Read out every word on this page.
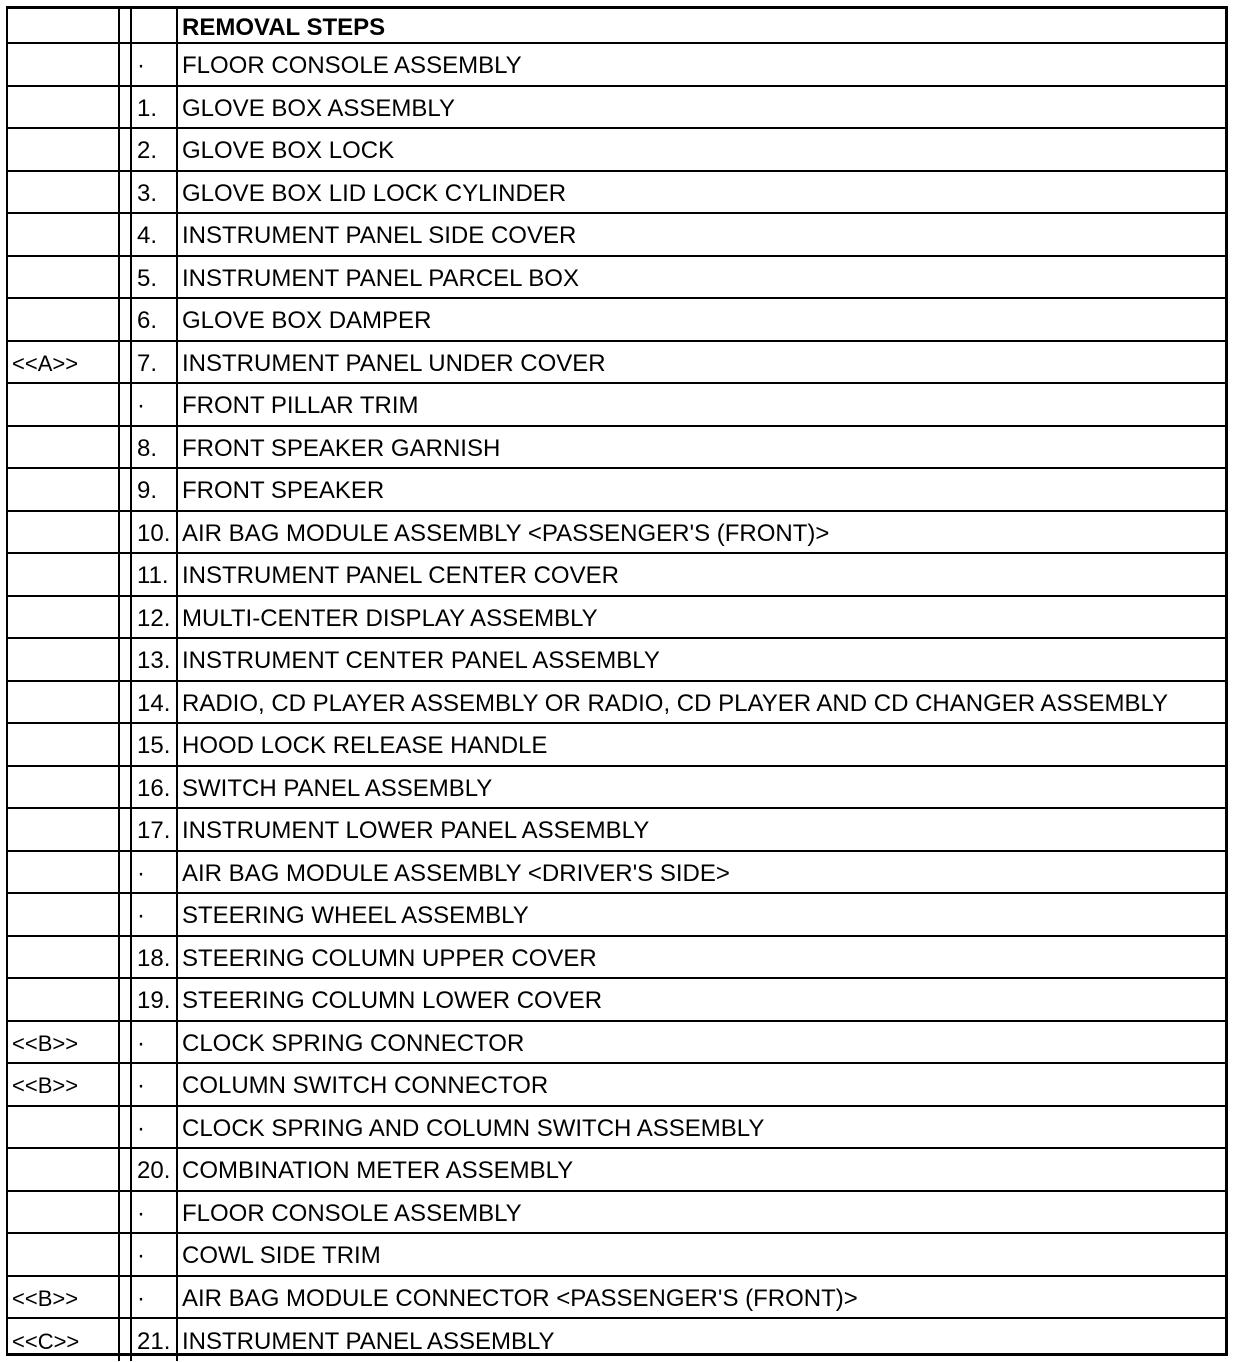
			REMOVAL STEPS
		·	FLOOR CONSOLE ASSEMBLY
		1.	GLOVE BOX ASSEMBLY
		2.	GLOVE BOX LOCK
		3.	GLOVE BOX LID LOCK CYLINDER
		4.	INSTRUMENT PANEL SIDE COVER
		5.	INSTRUMENT PANEL PARCEL BOX
		6.	GLOVE BOX DAMPER
<<A>>		7.	INSTRUMENT PANEL UNDER COVER
		·	FRONT PILLAR TRIM
		8.	FRONT SPEAKER GARNISH
		9.	FRONT SPEAKER
		10.	AIR BAG MODULE ASSEMBLY <PASSENGER'S (FRONT)>
		11.	INSTRUMENT PANEL CENTER COVER
		12.	MULTI-CENTER DISPLAY ASSEMBLY
		13.	INSTRUMENT CENTER PANEL ASSEMBLY
		14.	RADIO, CD PLAYER ASSEMBLY OR RADIO, CD PLAYER AND CD CHANGER ASSEMBLY
		15.	HOOD LOCK RELEASE HANDLE
		16.	SWITCH PANEL ASSEMBLY
		17.	INSTRUMENT LOWER PANEL ASSEMBLY
		·	AIR BAG MODULE ASSEMBLY <DRIVER'S SIDE>
		·	STEERING WHEEL ASSEMBLY
		18.	STEERING COLUMN UPPER COVER
		19.	STEERING COLUMN LOWER COVER
<<B>>		·	CLOCK SPRING CONNECTOR
<<B>>		·	COLUMN SWITCH CONNECTOR
		·	CLOCK SPRING AND COLUMN SWITCH ASSEMBLY
		20.	COMBINATION METER ASSEMBLY
		·	FLOOR CONSOLE ASSEMBLY
		·	COWL SIDE TRIM
<<B>>		·	AIR BAG MODULE CONNECTOR <PASSENGER'S (FRONT)>
<<C>>		21.	INSTRUMENT PANEL ASSEMBLY
